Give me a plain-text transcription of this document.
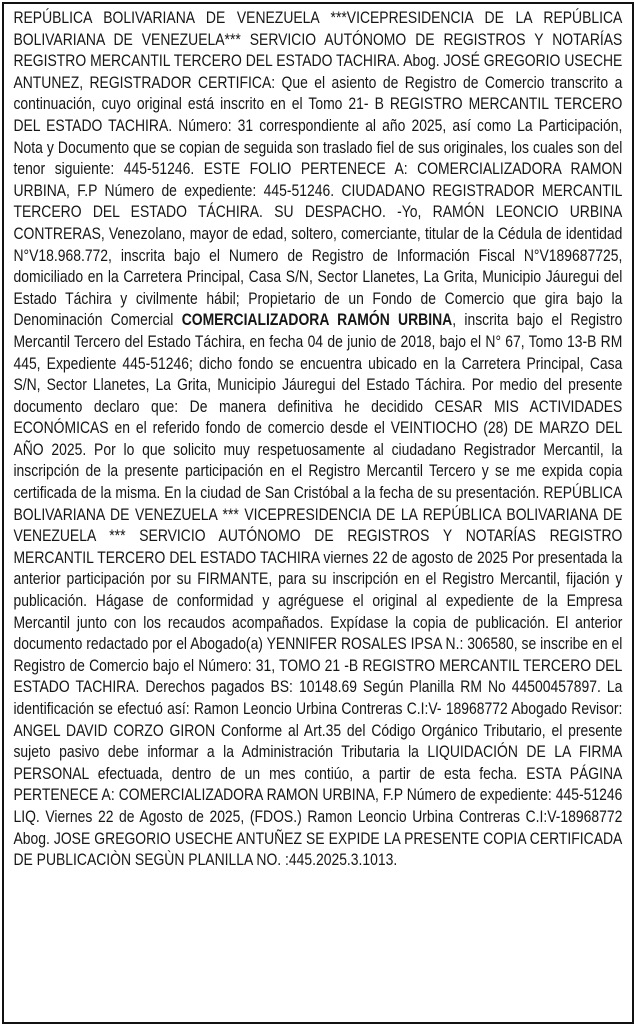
REPÚBLICA BOLIVARIANA DE VENEZUELA ***VICEPRESIDENCIA DE LA REPÚBLICA BOLIVARIANA DE VENEZUELA*** SERVICIO AUTÓNOMO DE REGISTROS Y NOTARÍAS REGISTRO MERCANTIL TERCERO DEL ESTADO TACHIRA. Abog. JOSÉ GREGORIO USECHE ANTUNEZ, REGISTRADOR CERTIFICA: Que el asiento de Registro de Comercio transcrito a continuación, cuyo original está inscrito en el Tomo 21- B REGISTRO MERCANTIL TERCERO DEL ESTADO TACHIRA. Número: 31 correspondiente al año 2025, así como La Participación, Nota y Documento que se copian de seguida son traslado fiel de sus originales, los cuales son del tenor siguiente: 445-51246. ESTE FOLIO PERTENECE A: COMERCIALIZADORA RAMON URBINA, F.P Número de expediente: 445-51246. CIUDADANO REGISTRADOR MERCANTIL TERCERO DEL ESTADO TÁCHIRA. SU DESPACHO. -Yo, RAMÓN LEONCIO URBINA CONTRERAS, Venezolano, mayor de edad, soltero, comerciante, titular de la Cédula de identidad N°V18.968.772, inscrita bajo el Numero de Registro de Información Fiscal N°V189687725, domiciliado en la Carretera Principal, Casa S/N, Sector Llanetes, La Grita, Municipio Jáuregui del Estado Táchira y civilmente hábil; Propietario de un Fondo de Comercio que gira bajo la Denominación Comercial COMERCIALIZADORA RAMÓN URBINA, inscrita bajo el Registro Mercantil Tercero del Estado Táchira, en fecha 04 de junio de 2018, bajo el N° 67, Tomo 13-B RM 445, Expediente 445-51246; dicho fondo se encuentra ubicado en la Carretera Principal, Casa S/N, Sector Llanetes, La Grita, Municipio Jáuregui del Estado Táchira. Por medio del presente documento declaro que: De manera definitiva he decidido CESAR MIS ACTIVIDADES ECONÓMICAS en el referido fondo de comercio desde el VEINTIOCHO (28) DE MARZO DEL AÑO 2025. Por lo que solicito muy respetuosamente al ciudadano Registrador Mercantil, la inscripción de la presente participación en el Registro Mercantil Tercero y se me expida copia certificada de la misma. En la ciudad de San Cristóbal a la fecha de su presentación. REPÚBLICA BOLIVARIANA DE VENEZUELA *** VICEPRESIDENCIA DE LA REPÚBLICA BOLIVARIANA DE VENEZUELA *** SERVICIO AUTÓNOMO DE REGISTROS Y NOTARÍAS REGISTRO MERCANTIL TERCERO DEL ESTADO TACHIRA viernes 22 de agosto de 2025 Por presentada la anterior participación por su FIRMANTE, para su inscripción en el Registro Mercantil, fijación y publicación. Hágase de conformidad y agréguese el original al expediente de la Empresa Mercantil junto con los recaudos acompañados. Expídase la copia de publicación. El anterior documento redactado por el Abogado(a) YENNIFER ROSALES IPSA N.: 306580, se inscribe en el Registro de Comercio bajo el Número: 31, TOMO 21 -B REGISTRO MERCANTIL TERCERO DEL ESTADO TACHIRA. Derechos pagados BS: 10148.69 Según Planilla RM No 44500457897. La identificación se efectuó así: Ramon Leoncio Urbina Contreras C.I:V- 18968772 Abogado Revisor: ANGEL DAVID CORZO GIRON Conforme al Art.35 del Código Orgánico Tributario, el presente sujeto pasivo debe informar a la Administración Tributaria la LIQUIDACIÓN DE LA FIRMA PERSONAL efectuada, dentro de un mes contiúo, a partir de esta fecha. ESTA PÁGINA PERTENECE A: COMERCIALIZADORA RAMON URBINA, F.P Número de expediente: 445-51246 LIQ. Viernes 22 de Agosto de 2025, (FDOS.) Ramon Leoncio Urbina Contreras C.I:V-18968772 Abog. JOSE GREGORIO USECHE ANTUÑEZ SE EXPIDE LA PRESENTE COPIA CERTIFICADA DE PUBLICACIÒN SEGÙN PLANILLA NO. :445.2025.3.1013.
